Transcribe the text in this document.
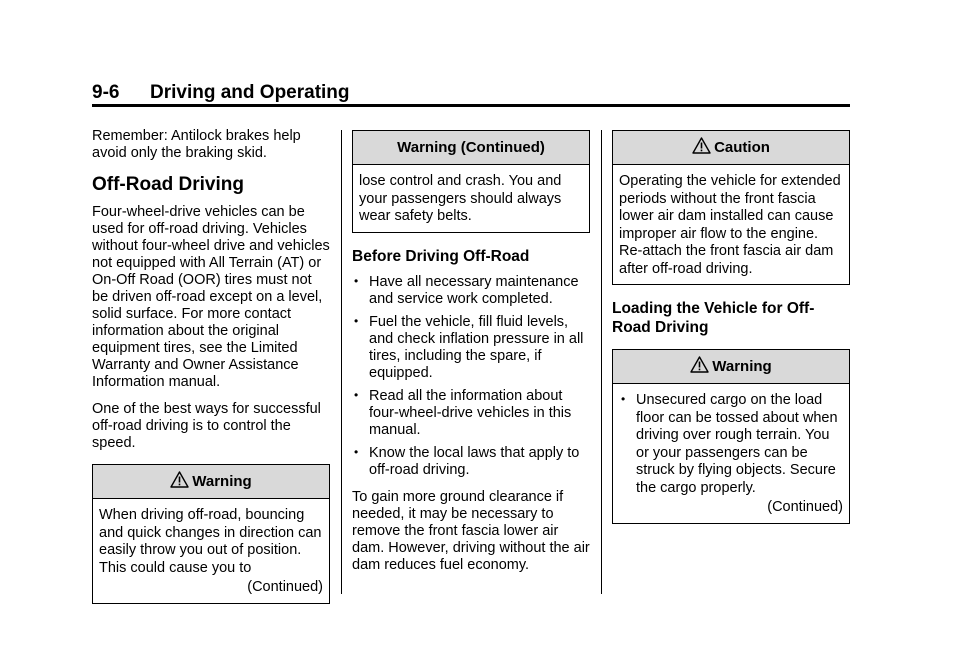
9-6 Driving and Operating

Remember: Antilock brakes help avoid only the braking skid.

Off-Road Driving

Four-wheel-drive vehicles can be used for off-road driving. Vehicles without four-wheel drive and vehicles not equipped with All Terrain (AT) or On-Off Road (OOR) tires must not be driven off-road except on a level, solid surface. For more contact information about the original equipment tires, see the Limited Warranty and Owner Assistance Information manual.

One of the best ways for successful off-road driving is to control the speed.

Warning

When driving off-road, bouncing and quick changes in direction can easily throw you out of position. This could cause you to

(Continued)
Warning (Continued)

lose control and crash. You and your passengers should always wear safety belts.

Before Driving Off-Road
• Have all necessary maintenance and service work completed.
• Fuel the vehicle, fill fluid levels, and check inflation pressure in all tires, including the spare, if equipped.
• Read all the information about four-wheel-drive vehicles in this manual.
• Know the local laws that apply to off-road driving.

To gain more ground clearance if needed, it may be necessary to remove the front fascia lower air dam. However, driving without the air dam reduces fuel economy.

Caution

Operating the vehicle for extended periods without the front fascia lower air dam installed can cause improper air flow to the engine. Re-attach the front fascia air dam after off-road driving.

Loading the Vehicle for Off-Road Driving
Warning
• Unsecured cargo on the load floor can be tossed about when driving over rough terrain. You or your passengers can be struck by flying objects. Secure the cargo properly.
(Continued)
